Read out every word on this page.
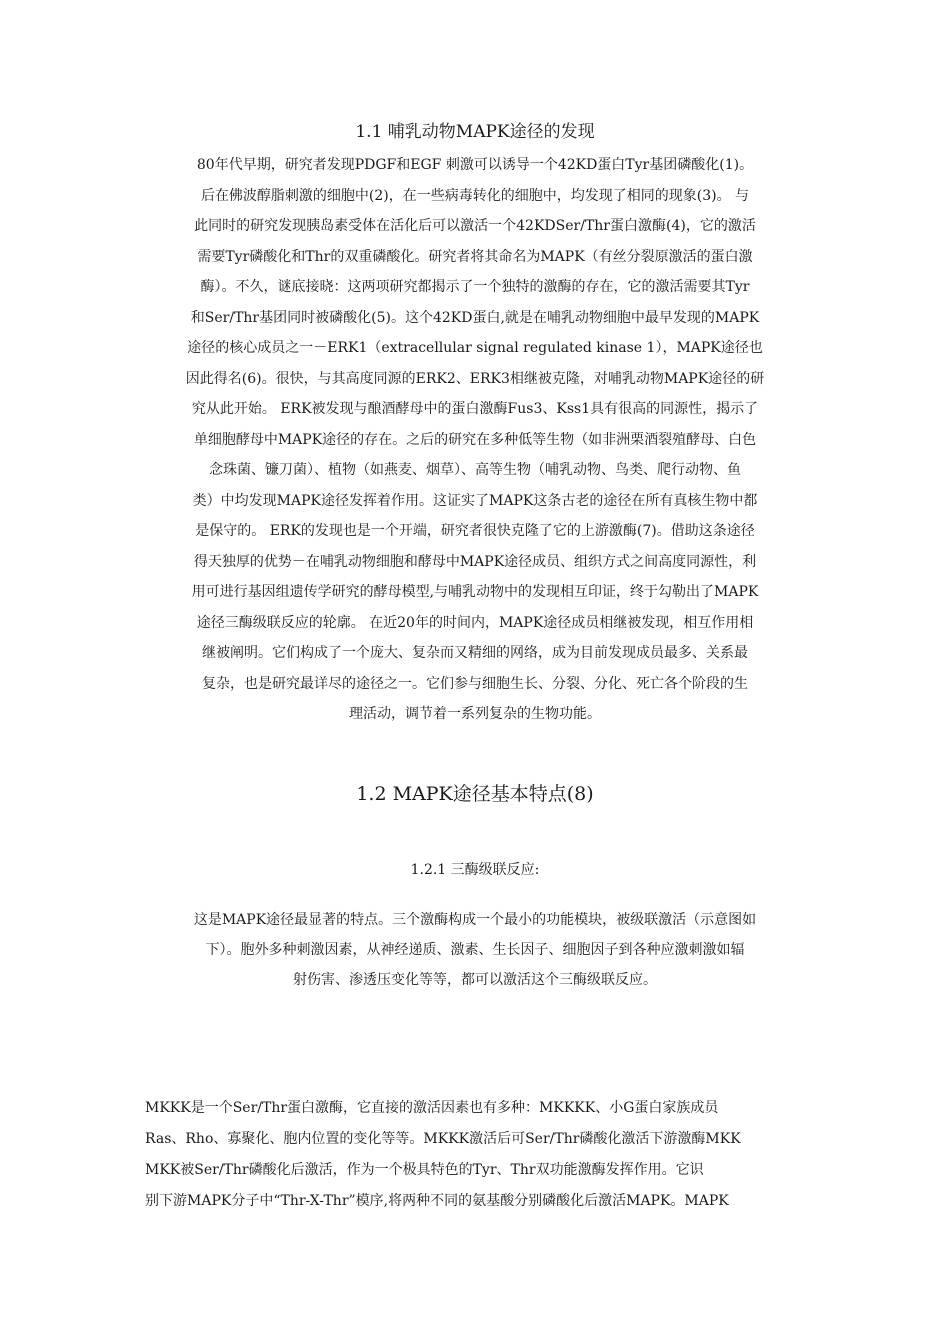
1.1 哺乳动物MAPK途径的发现
80年代早期，研究者发现PDGF和EGF 刺激可以诱导一个42KD蛋白Tyr基团磷酸化(1)。
后在佛波醇脂刺激的细胞中(2)，在一些病毒转化的细胞中，均发现了相同的现象(3)。 与
此同时的研究发现胰岛素受体在活化后可以激活一个42KDSer/Thr蛋白激酶(4)，它的激活
需要Tyr磷酸化和Thr的双重磷酸化。研究者将其命名为MAPK（有丝分裂原激活的蛋白激
酶）。不久，谜底接晓：这两项研究都揭示了一个独特的激酶的存在，它的激活需要其Tyr
和Ser/Thr基团同时被磷酸化(5)。这个42KD蛋白,就是在哺乳动物细胞中最早发现的MAPK
途径的核心成员之一－ERK1（extracellular signal regulated kinase 1），MAPK途径也
因此得名(6)。很快，与其高度同源的ERK2、ERK3相继被克隆，对哺乳动物MAPK途径的研
究从此开始。 ERK被发现与酿酒酵母中的蛋白激酶Fus3、Kss1具有很高的同源性，揭示了
单细胞酵母中MAPK途径的存在。之后的研究在多种低等生物（如非洲栗酒裂殖酵母、白色
念珠菌、镰刀菌）、植物（如燕麦、烟草）、高等生物（哺乳动物、鸟类、爬行动物、鱼
类）中均发现MAPK途径发挥着作用。这证实了MAPK这条古老的途径在所有真核生物中都
是保守的。 ERK的发现也是一个开端，研究者很快克隆了它的上游激酶(7)。借助这条途径
得天独厚的优势－在哺乳动物细胞和酵母中MAPK途径成员、组织方式之间高度同源性，利
用可进行基因组遗传学研究的酵母模型,与哺乳动物中的发现相互印证，终于勾勒出了MAPK
途径三酶级联反应的轮廓。 在近20年的时间内，MAPK途径成员相继被发现，相互作用相
继被阐明。它们构成了一个庞大、复杂而又精细的网络，成为目前发现成员最多、关系最
复杂，也是研究最详尽的途径之一。它们参与细胞生长、分裂、分化、死亡各个阶段的生
理活动，调节着一系列复杂的生物功能。
1.2 MAPK途径基本特点(8)
1.2.1 三酶级联反应:
这是MAPK途径最显著的特点。三个激酶构成一个最小的功能模块，被级联激活（示意图如
下）。胞外多种刺激因素，从神经递质、激素、生长因子、细胞因子到各种应激刺激如辐
射伤害、渗透压变化等等，都可以激活这个三酶级联反应。
MKKK是一个Ser/Thr蛋白激酶，它直接的激活因素也有多种：MKKKK、小G蛋白家族成员
Ras、Rho、寡聚化、胞内位置的变化等等。MKKK激活后可Ser/Thr磷酸化激活下游激酶MKK
MKK被Ser/Thr磷酸化后激活，作为一个极具特色的Tyr、Thr双功能激酶发挥作用。它识
别下游MAPK分子中“Thr-X-Thr”模序,将两种不同的氨基酸分别磷酸化后激活MAPK。MAPK
